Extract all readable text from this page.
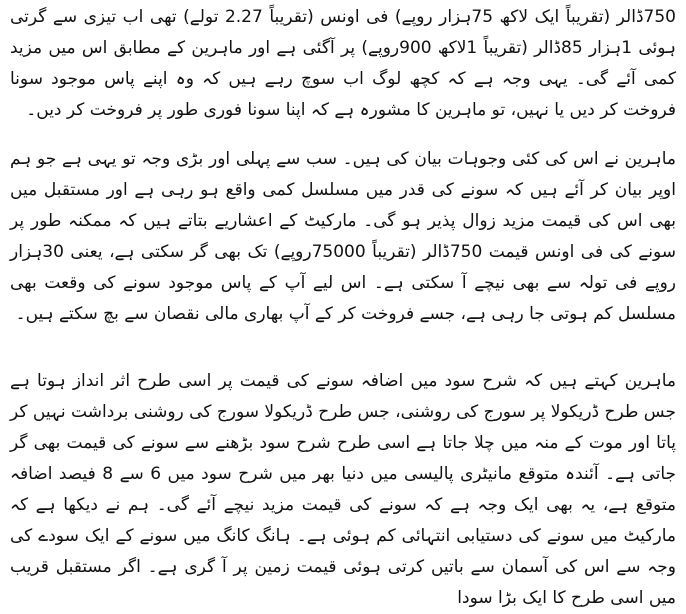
750ڈالر (تقریباً ایک لاکھ 75ہزار روپے) فی اونس (تقریباً 2.27 تولے) تھی اب تیزی سے گرتی ہوئی 1ہزار 85ڈالر (تقریباً 1لاکھ 900روپے) پر آگئی ہے اور ماہرین کے مطابق اس میں مزید کمی آئے گی۔ یہی وجہ ہے کہ کچھ لوگ اب سوچ رہے ہیں کہ وہ اپنے پاس موجود سونا فروخت کر دیں یا نہیں، تو ماہرین کا مشورہ ہے کہ اپنا سونا فوری طور پر فروخت کر دیں۔

ماہرین نے اس کی کئی وجوہات بیان کی ہیں۔ سب سے پہلی اور بڑی وجہ تو یہی ہے جو ہم اوپر بیان کر آئے ہیں کہ سونے کی قدر میں مسلسل کمی واقع ہو رہی ہے اور مستقبل میں بھی اس کی قیمت مزید زوال پذیر ہو گی۔ مارکیٹ کے اعشاریے بتاتے ہیں کہ ممکنہ طور پر سونے کی فی اونس قیمت 750ڈالر (تقریباً 75000روپے) تک بھی گر سکتی ہے، یعنی 30ہزار روپے فی تولہ سے بھی نیچے آ سکتی ہے۔ اس لیے آپ کے پاس موجود سونے کی وقعت بھی مسلسل کم ہوتی جا رہی ہے، جسے فروخت کر کے آپ بھاری مالی نقصان سے بچ سکتے ہیں۔

ماہرین کہتے ہیں کہ شرح سود میں اضافہ سونے کی قیمت پر اسی طرح اثر انداز ہوتا ہے جس طرح ڈریکولا پر سورج کی روشنی، جس طرح ڈریکولا سورج کی روشنی برداشت نہیں کر پاتا اور موت کے منہ میں چلا جاتا ہے اسی طرح شرح سود بڑھنے سے سونے کی قیمت بھی گر جاتی ہے۔ آئندہ متوقع مانیٹری پالیسی میں دنیا بھر میں شرح سود میں 6 سے 8 فیصد اضافہ متوقع ہے، یہ بھی ایک وجہ ہے کہ سونے کی قیمت مزید نیچے آئے گی۔ ہم نے دیکھا ہے کہ مارکیٹ میں سونے کی دستیابی انتہائی کم ہوئی ہے۔ ہانگ کانگ میں سونے کے ایک سودے کی وجہ سے اس کی آسمان سے باتیں کرتی ہوئی قیمت زمین پر آ گری ہے۔ اگر مستقبل قریب میں اسی طرح کا ایک بڑا سودا
